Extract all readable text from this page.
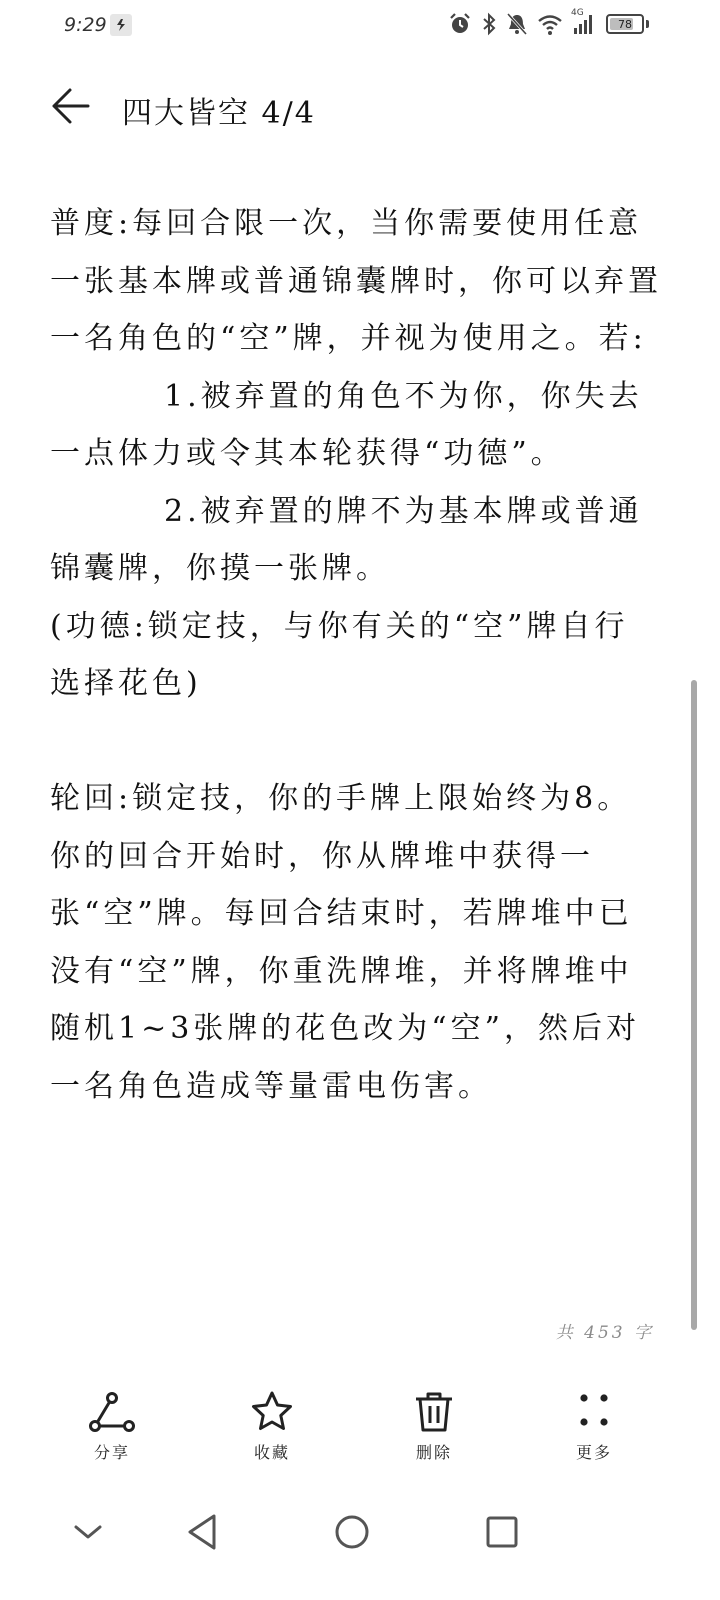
9:29
4G
78
四大皆空 4/4

普度:每回合限一次，当你需要使用任意一张基本牌或普通锦囊牌时，你可以弃置一名角色的“空”牌，并视为使用之。若:

1.被弃置的角色不为你，你失去一点体力或令其本轮获得“功德”。

2.被弃置的牌不为基本牌或普通锦囊牌，你摸一张牌。

(功德:锁定技，与你有关的“空”牌自行选择花色)

轮回:锁定技，你的手牌上限始终为8。你的回合开始时，你从牌堆中获得一张“空”牌。每回合结束时，若牌堆中已没有“空”牌，你重洗牌堆，并将牌堆中随机1~3张牌的花色改为“空”，然后对一名角色造成等量雷电伤害。

共 453 字
分享	收藏	删除	更多
